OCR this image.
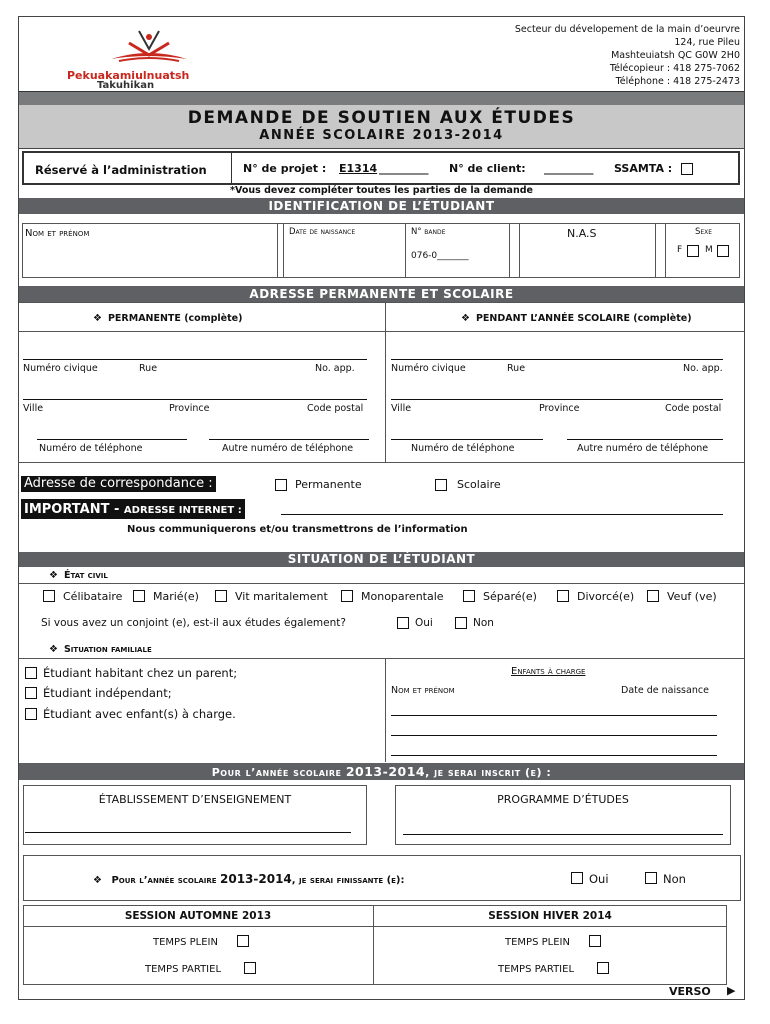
Pekuakamiulnuatsh
Takuhikan
Secteur du dévelopement de la main d’oeurvre
124, rue Pileu
Mashteuiatsh QC G0W 2H0
Télécopieur : 418 275-7062
Téléphone : 418 275-2473
DEMANDE DE SOUTIEN AUX ÉTUDES
ANNÉE SCOLAIRE 2013-2014
Réservé à l’administration	N° de projet : E1314 _________ N° de client: _________ SSAMTA :
*Vous devez compléter toutes les parties de la demande
IDENTIFICATION DE L’ÉTUDIANT
Nom et prénom	Date de naissance	N° bande
076-0_______
N.A.S	Sexe
F	M
ADRESSE PERMANENTE ET SCOLAIRE
❖ PERMANENTE (complète)
❖	PENDANT L’ANNÉE SCOLAIRE (complète)
Numéro civique	Rue	No. app.
Ville	Province	Code postal
Numéro de téléphone	Autre numéro de téléphone
Numéro civique	Rue	No. app.
Ville	Province	Code postal
Numéro de téléphone	Autre numéro de téléphone
Adresse de correspondance :	Permanente	Scolaire
IMPORTANT - ADRESSE INTERNET :
Nous communiquerons et/ou transmettrons de l’information
SITUATION DE L’ÉTUDIANT
❖ État civil
Célibataire	Marié(e)	Vit maritalement	Monoparentale	Séparé(e)	Divorcé(e)	Veuf (ve)
Si vous avez un conjoint (e), est-il aux études également?	Oui	Non
❖ Situation familiale
Étudiant habitant chez un parent;
Étudiant indépendant;
Étudiant avec enfant(s) à charge.
Enfants à charge
Nom et prénom	Date de naissance
Pour l’année scolaire 2013-2014, je serai inscrit (e) :
ÉTABLISSEMENT D’ENSEIGNEMENT	PROGRAMME D’ÉTUDES
❖ Pour l’année scolaire 2013-2014, je serai finissante (e):	Oui	Non
SESSION AUTOMNE 2013	SESSION HIVER 2014
TEMPS PLEIN
TEMPS PARTIEL
TEMPS PLEIN
TEMPS PARTIEL
VERSO ▶
